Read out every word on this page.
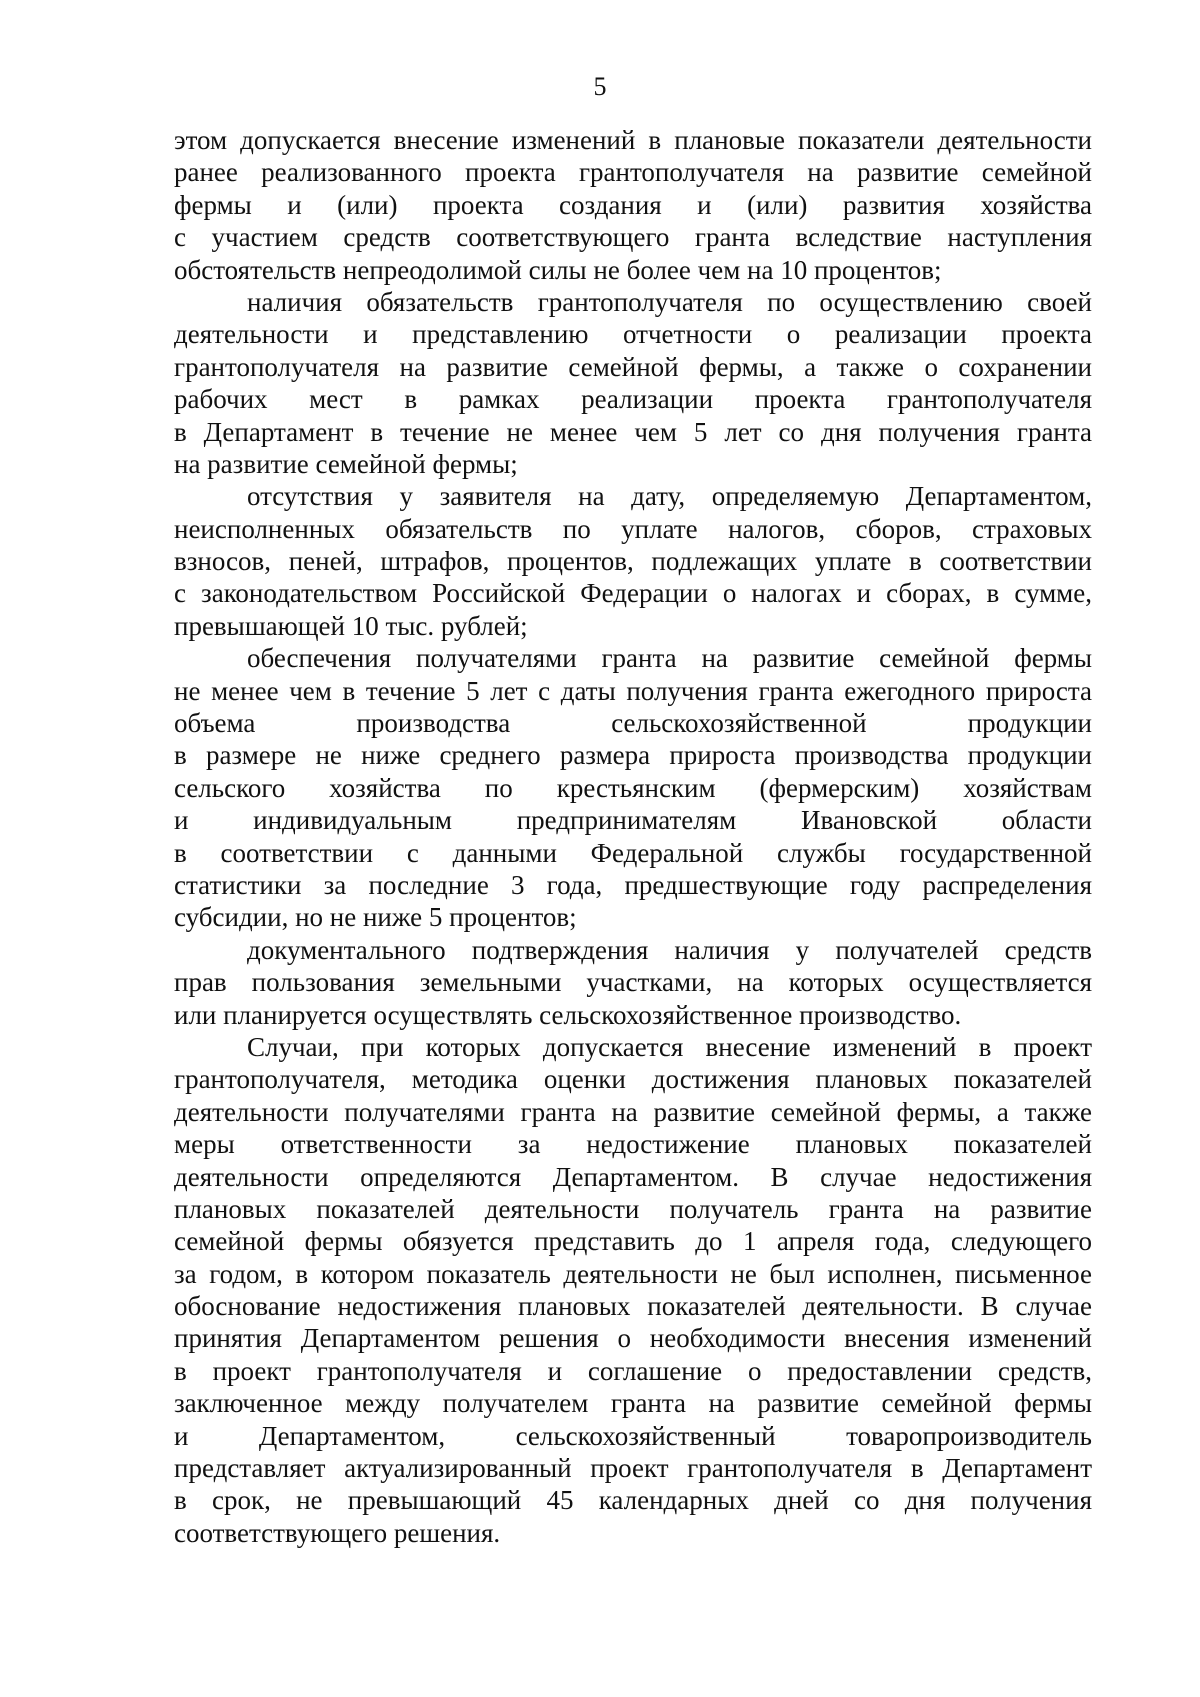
5
этом допускается внесение изменений в плановые показатели деятельности
ранее реализованного проекта грантополучателя на развитие семейной
фермы и (или) проекта создания и (или) развития хозяйства
с участием средств соответствующего гранта вследствие наступления
обстоятельств непреодолимой силы не более чем на 10 процентов;
наличия обязательств грантополучателя по осуществлению своей
деятельности и представлению отчетности о реализации проекта
грантополучателя на развитие семейной фермы, а также о сохранении
рабочих мест в рамках реализации проекта грантополучателя
в Департамент в течение не менее чем 5 лет со дня получения гранта
на развитие семейной фермы;
отсутствия у заявителя на дату, определяемую Департаментом,
неисполненных обязательств по уплате налогов, сборов, страховых
взносов, пеней, штрафов, процентов, подлежащих уплате в соответствии
с законодательством Российской Федерации о налогах и сборах, в сумме,
превышающей 10 тыс. рублей;
обеспечения получателями гранта на развитие семейной фермы
не менее чем в течение 5 лет с даты получения гранта ежегодного прироста
объема производства сельскохозяйственной продукции
в размере не ниже среднего размера прироста производства продукции
сельского хозяйства по крестьянским (фермерским) хозяйствам
и индивидуальным предпринимателям Ивановской области
в соответствии с данными Федеральной службы государственной
статистики за последние 3 года, предшествующие году распределения
субсидии, но не ниже 5 процентов;
документального подтверждения наличия у получателей средств
прав пользования земельными участками, на которых осуществляется
или планируется осуществлять сельскохозяйственное производство.
Случаи, при которых допускается внесение изменений в проект
грантополучателя, методика оценки достижения плановых показателей
деятельности получателями гранта на развитие семейной фермы, а также
меры ответственности за недостижение плановых показателей
деятельности определяются Департаментом. В случае недостижения
плановых показателей деятельности получатель гранта на развитие
семейной фермы обязуется представить до 1 апреля года, следующего
за годом, в котором показатель деятельности не был исполнен, письменное
обоснование недостижения плановых показателей деятельности. В случае
принятия Департаментом решения о необходимости внесения изменений
в проект грантополучателя и соглашение о предоставлении средств,
заключенное между получателем гранта на развитие семейной фермы
и Департаментом, сельскохозяйственный товаропроизводитель
представляет актуализированный проект грантополучателя в Департамент
в срок, не превышающий 45 календарных дней со дня получения
соответствующего решения.
